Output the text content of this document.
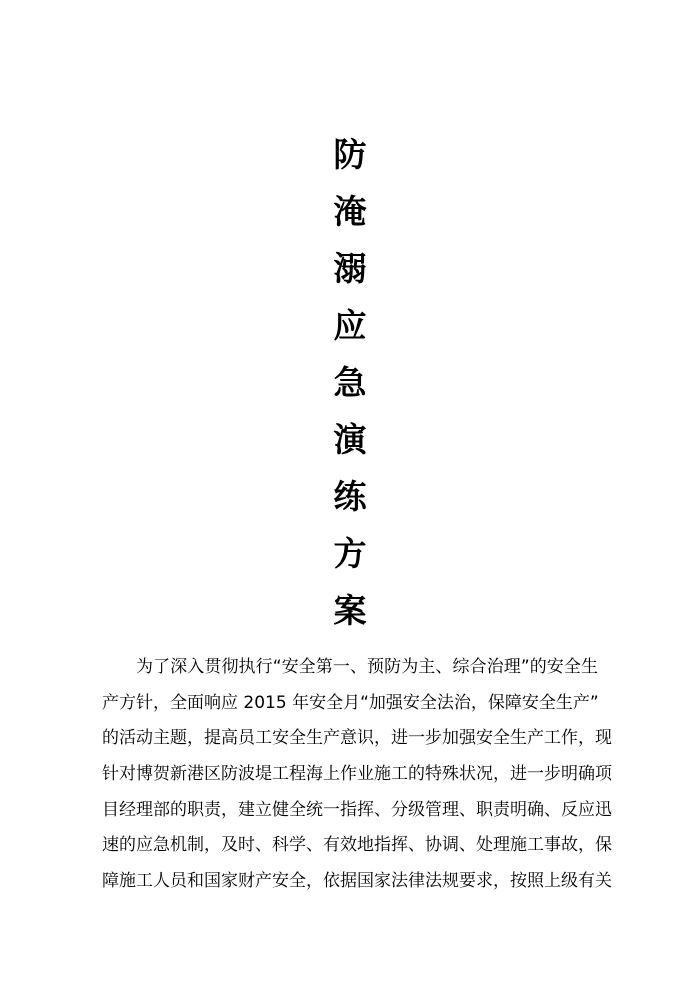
防
淹
溺
应
急
演
练
方
案
为了深入贯彻执行“安全第一、预防为主、综合治理”的安全生
产方针，全面响应 2015 年安全月“加强安全法治，保障安全生产”
的活动主题，提高员工安全生产意识，进一步加强安全生产工作，现
针对博贺新港区防波堤工程海上作业施工的特殊状况，进一步明确项
目经理部的职责，建立健全统一指挥、分级管理、职责明确、反应迅
速的应急机制，及时、科学、有效地指挥、协调、处理施工事故，保
障施工人员和国家财产安全，依据国家法律法规要求，按照上级有关
